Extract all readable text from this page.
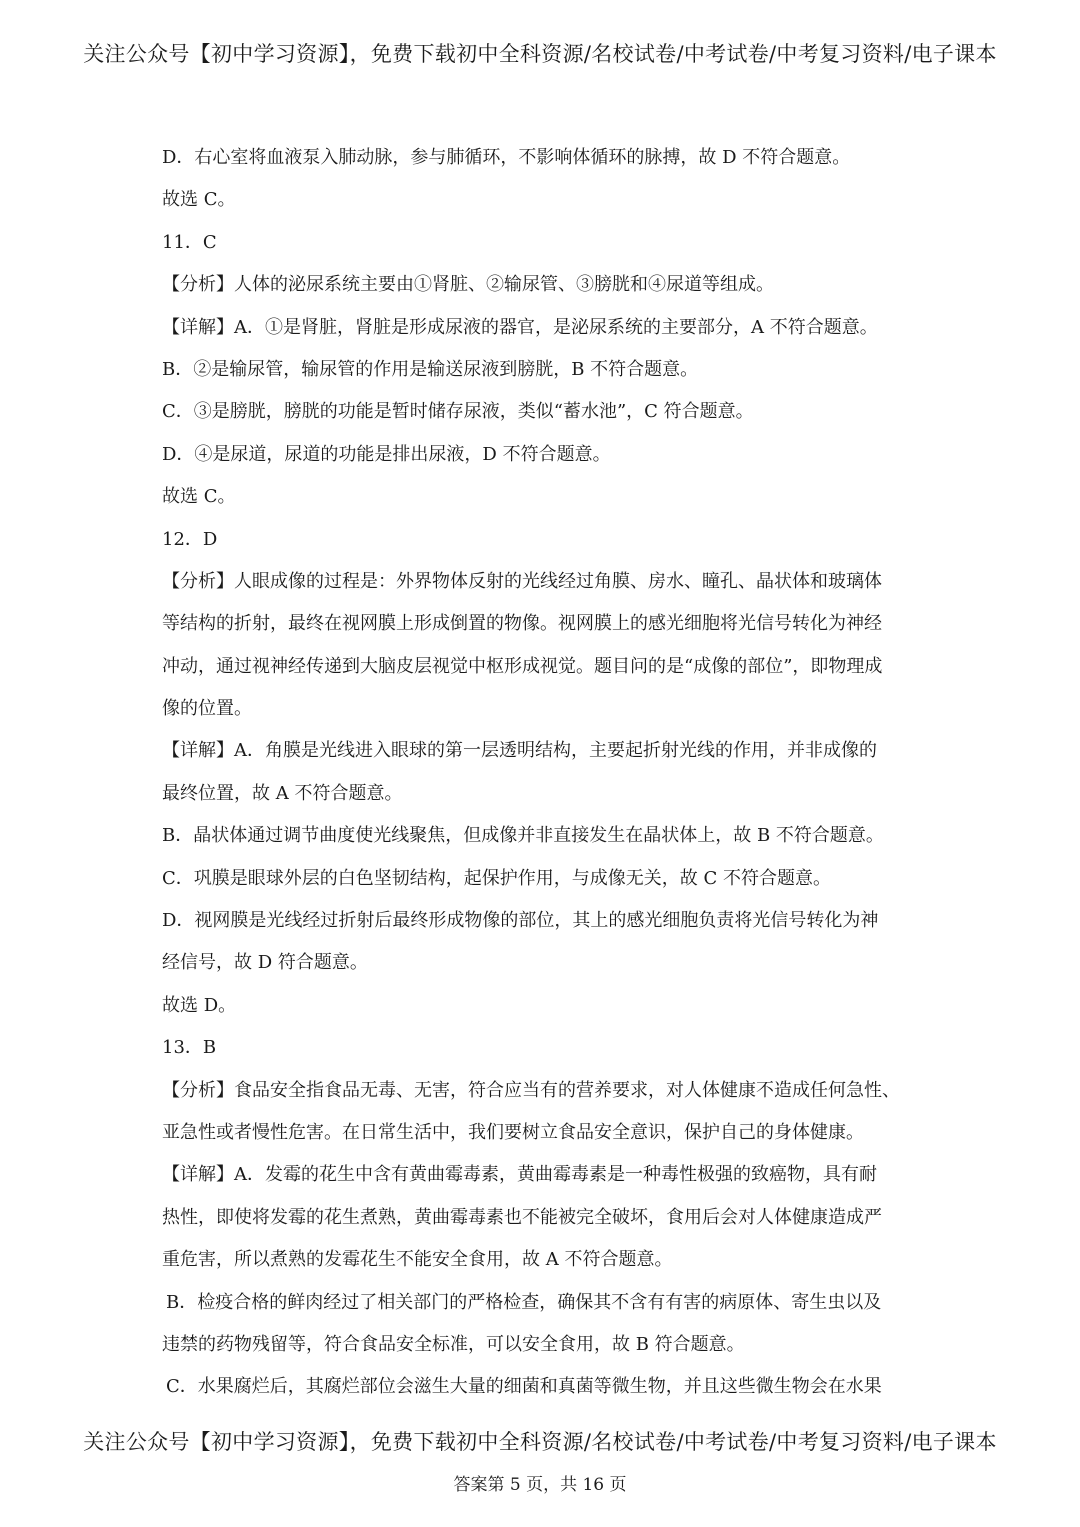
关注公众号【初中学习资源】，免费下载初中全科资源/名校试卷/中考试卷/中考复习资料/电子课本
D．右心室将血液泵入肺动脉，参与肺循环，不影响体循环的脉搏，故 D 不符合题意。
故选 C。
11．C
【分析】人体的泌尿系统主要由①肾脏、②输尿管、③膀胱和④尿道等组成。
【详解】A．①是肾脏，肾脏是形成尿液的器官，是泌尿系统的主要部分，A 不符合题意。
B．②是输尿管，输尿管的作用是输送尿液到膀胱，B 不符合题意。
C．③是膀胱，膀胱的功能是暂时储存尿液，类似“蓄水池”，C 符合题意。
D．④是尿道，尿道的功能是排出尿液，D 不符合题意。
故选 C。
12．D
【分析】人眼成像的过程是：外界物体反射的光线经过角膜、房水、瞳孔、晶状体和玻璃体
等结构的折射，最终在视网膜上形成倒置的物像。视网膜上的感光细胞将光信号转化为神经
冲动，通过视神经传递到大脑皮层视觉中枢形成视觉。题目问的是“成像的部位”，即物理成
像的位置。
【详解】A．角膜是光线进入眼球的第一层透明结构，主要起折射光线的作用，并非成像的
最终位置，故 A 不符合题意。
B．晶状体通过调节曲度使光线聚焦，但成像并非直接发生在晶状体上，故 B 不符合题意。
C．巩膜是眼球外层的白色坚韧结构，起保护作用，与成像无关，故 C 不符合题意。
D．视网膜是光线经过折射后最终形成物像的部位，其上的感光细胞负责将光信号转化为神
经信号，故 D 符合题意。
故选 D。
13．B
【分析】食品安全指食品无毒、无害，符合应当有的营养要求，对人体健康不造成任何急性、
亚急性或者慢性危害。在日常生活中，我们要树立食品安全意识，保护自己的身体健康。
【详解】A．发霉的花生中含有黄曲霉毒素，黄曲霉毒素是一种毒性极强的致癌物，具有耐
热性，即使将发霉的花生煮熟，黄曲霉毒素也不能被完全破坏，食用后会对人体健康造成严
重危害，所以煮熟的发霉花生不能安全食用，故 A 不符合题意。
B．检疫合格的鲜肉经过了相关部门的严格检查，确保其不含有有害的病原体、寄生虫以及
违禁的药物残留等，符合食品安全标准，可以安全食用，故 B 符合题意。
C．水果腐烂后，其腐烂部位会滋生大量的细菌和真菌等微生物，并且这些微生物会在水果
关注公众号【初中学习资源】，免费下载初中全科资源/名校试卷/中考试卷/中考复习资料/电子课本
答案第 5 页，共 16 页
